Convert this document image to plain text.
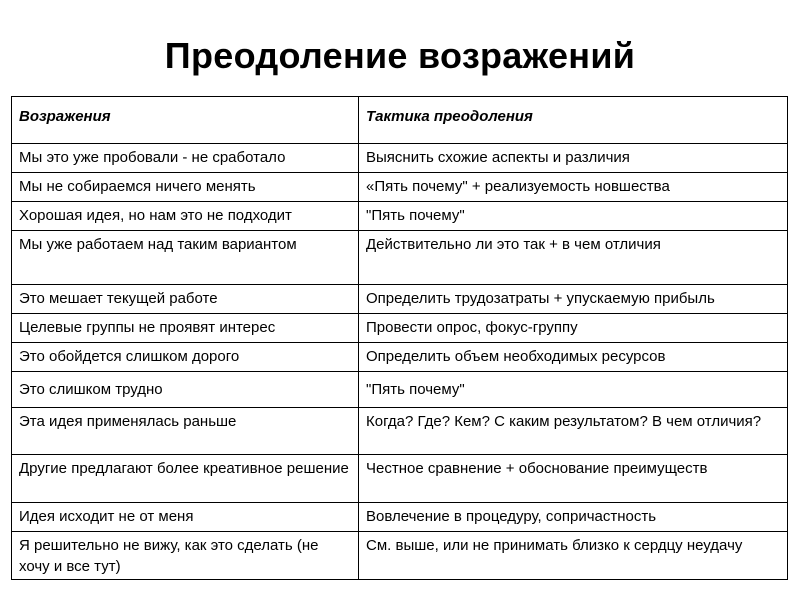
Преодоление возражений
Возражения	Тактика преодоления
Мы это уже пробовали - не сработало	Выяснить схожие аспекты и различия
Мы не собираемся ничего менять	«Пять почему" + реализуемость новшества
Хорошая идея, но нам это не подходит	"Пять почему"
Мы уже работаем над таким вариантом	Действительно ли это так + в чем отличия
Это мешает текущей работе	Определить трудозатраты + упускаемую прибыль
Целевые группы не проявят интерес	Провести опрос, фокус-группу
Это обойдется слишком дорого	Определить объем необходимых ресурсов
Это слишком трудно	"Пять почему"
Эта идея применялась раньше	Когда? Где? Кем? С каким результатом? В чем отличия?
Другие предлагают более креативное решение	Честное сравнение + обоснование преимуществ
Идея исходит не от меня	Вовлечение в процедуру, сопричастность
Я решительно не вижу, как это сделать (не хочу и все тут)	См. выше, или не принимать близко к сердцу неудачу
